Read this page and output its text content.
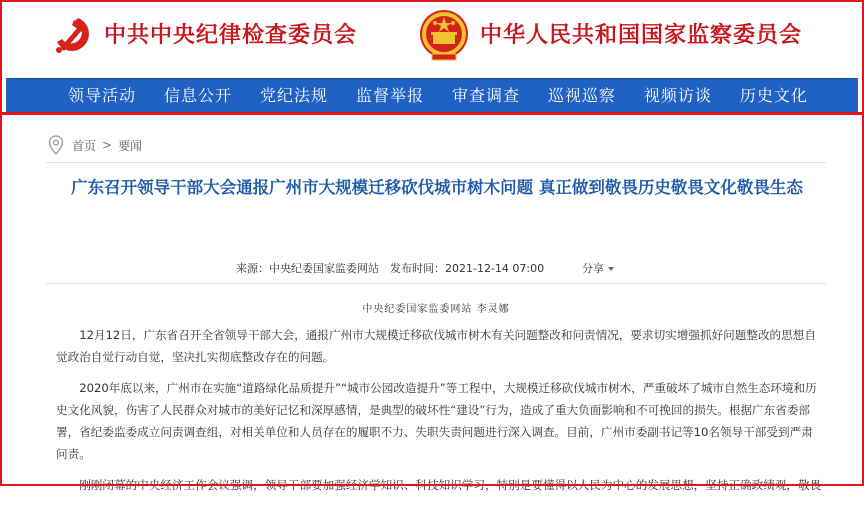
中共中央纪律检查委员会	中华人民共和国国家监察委员会
领导活动 信息公开 党纪法规 监督举报 审查调查 巡视巡察 视频访谈 历史文化
首页 > 要闻
广东召开领导干部大会通报广州市大规模迁移砍伐城市树木问题 真正做到敬畏历史敬畏文化敬畏生态
来源：中央纪委国家监委网站 发布时间：2021-12-14 07:00	分享
中央纪委国家监委网站 李灵娜

12月12日，广东省召开全省领导干部大会，通报广州市大规模迁移砍伐城市树木有关问题整改和问责情况，要求切实增强抓好问题整改的思想自觉政治自觉行动自觉，坚决扎实彻底整改存在的问题。

2020年底以来，广州市在实施“道路绿化品质提升”“城市公园改造提升”等工程中，大规模迁移砍伐城市树木，严重破坏了城市自然生态环境和历史文化风貌，伤害了人民群众对城市的美好记忆和深厚感情，是典型的破坏性“建设”行为，造成了重大负面影响和不可挽回的损失。根据广东省委部署，省纪委监委成立问责调查组，对相关单位和人员存在的履职不力、失职失责问题进行深入调查。目前，广州市委副书记等10名领导干部受到严肃问责。

刚刚闭幕的中央经济工作会议强调，领导干部要加强经济学知识、科技知识学习，特别是要懂得以人民为中心的发展思想，坚持正确政绩观，敬畏
